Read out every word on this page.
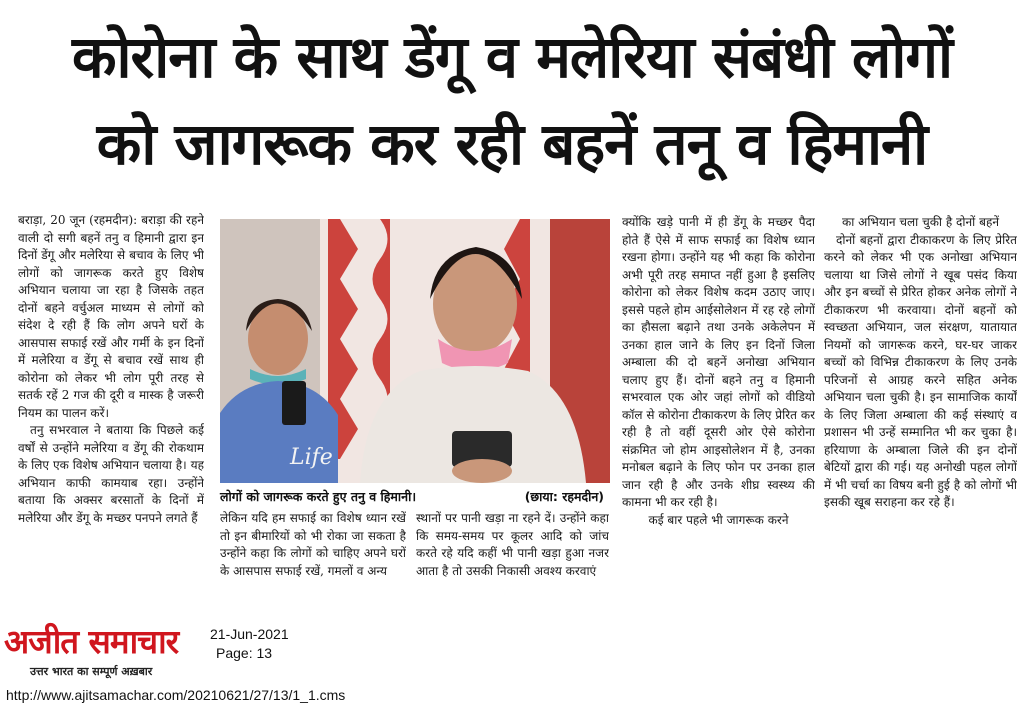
कोरोना के साथ डेंगू व मलेरिया संबंधी लोगों
को जागरूक कर रही बहनें तनू व हिमानी

बराड़ा, 20 जून (रहमदीन): बराड़ा की रहने वाली दो सगी बहनें तनु व हिमानी द्वारा इन दिनों डेंगू और मलेरिया से बचाव के लिए भी लोगों को जागरूक करते हुए विशेष अभियान चलाया जा रहा है जिसके तहत दोनों बहने वर्चुअल माध्यम से लोगों को संदेश दे रही हैं कि लोग अपने घरों के आसपास सफाई रखें और गर्मी के इन दिनों में मलेरिया व डेंगू से बचाव रखें साथ ही कोरोना को लेकर भी लोग पूरी तरह से सतर्क रहें 2 गज की दूरी व मास्क है जरूरी नियम का पालन करें।

तनु सभरवाल ने बताया कि पिछले कई वर्षों से उन्होंने मलेरिया व डेंगू की रोकथाम के लिए एक विशेष अभियान चलाया है। यह अभियान काफी कामयाब रहा। उन्होंने बताया कि अक्सर बरसातों के दिनों में मलेरिया और डेंगू के मच्छर पनपने लगते हैं

Life
लोगों को जागरूक करते हुए तनु व हिमानी।	(छाया: रहमदीन)

लेकिन यदि हम सफाई का विशेष ध्यान रखें तो इन बीमारियों को भी रोका जा सकता है उन्होंने कहा कि लोगों को चाहिए अपने घरों के आसपास सफाई रखें, गमलों व अन्य

स्थानों पर पानी खड़ा ना रहने दें। उन्होंने कहा कि समय-समय पर कूलर आदि को जांच करते रहे यदि कहीं भी पानी खड़ा हुआ नजर आता है तो उसकी निकासी अवश्य करवाएं

क्योंकि खड़े पानी में ही डेंगू के मच्छर पैदा होते हैं ऐसे में साफ सफाई का विशेष ध्यान रखना होगा। उन्होंने यह भी कहा कि कोरोना अभी पूरी तरह समाप्त नहीं हुआ है इसलिए कोरोना को लेकर विशेष कदम उठाए जाए। इससे पहले होम आईसोलेशन में रह रहे लोगों का हौसला बढ़ाने तथा उनके अकेलेपन में उनका हाल जाने के लिए इन दिनों जिला अम्बाला की दो बहनें अनोखा अभियान चलाए हुए हैं। दोनों बहने तनु व हिमानी सभरवाल एक ओर जहां लोगों को वीडियो कॉल से कोरोना टीकाकरण के लिए प्रेरित कर रही है तो वहीं दूसरी ओर ऐसे कोरोना संक्रमित जो होम आइसोलेशन में है, उनका मनोबल बढ़ाने के लिए फोन पर उनका हाल जान रही है और उनके शीघ्र स्वस्थ्य की कामना भी कर रही है।

कई बार पहले भी जागरूक करने

का अभियान चला चुकी है दोनों बहनें

दोनों बहनों द्वारा टीकाकरण के लिए प्रेरित करने को लेकर भी एक अनोखा अभियान चलाया था जिसे लोगों ने खूब पसंद किया और इन बच्चों से प्रेरित होकर अनेक लोगों ने टीकाकरण भी करवाया। दोनों बहनों को स्वच्छता अभियान, जल संरक्षण, यातायात नियमों को जागरूक करने, घर-घर जाकर बच्चों को विभिन्न टीकाकरण के लिए उनके परिजनों से आग्रह करने सहित अनेक अभियान चला चुकी है। इन सामाजिक कार्यों के लिए जिला अम्बाला की कई संस्थाएं व प्रशासन भी उन्हें सम्मानित भी कर चुका है। हरियाणा के अम्बाला जिले की इन दोनों बेटियों द्वारा की गई। यह अनोखी पहल लोगों में भी चर्चा का विषय बनी हुई है को लोगों भी इसकी खूब सराहना कर रहे हैं।

अजीत समाचार
उत्तर भारत का सम्पूर्ण अख़बार
21-Jun-2021
Page: 13
http://www.ajitsamachar.com/20210621/27/13/1_1.cms
